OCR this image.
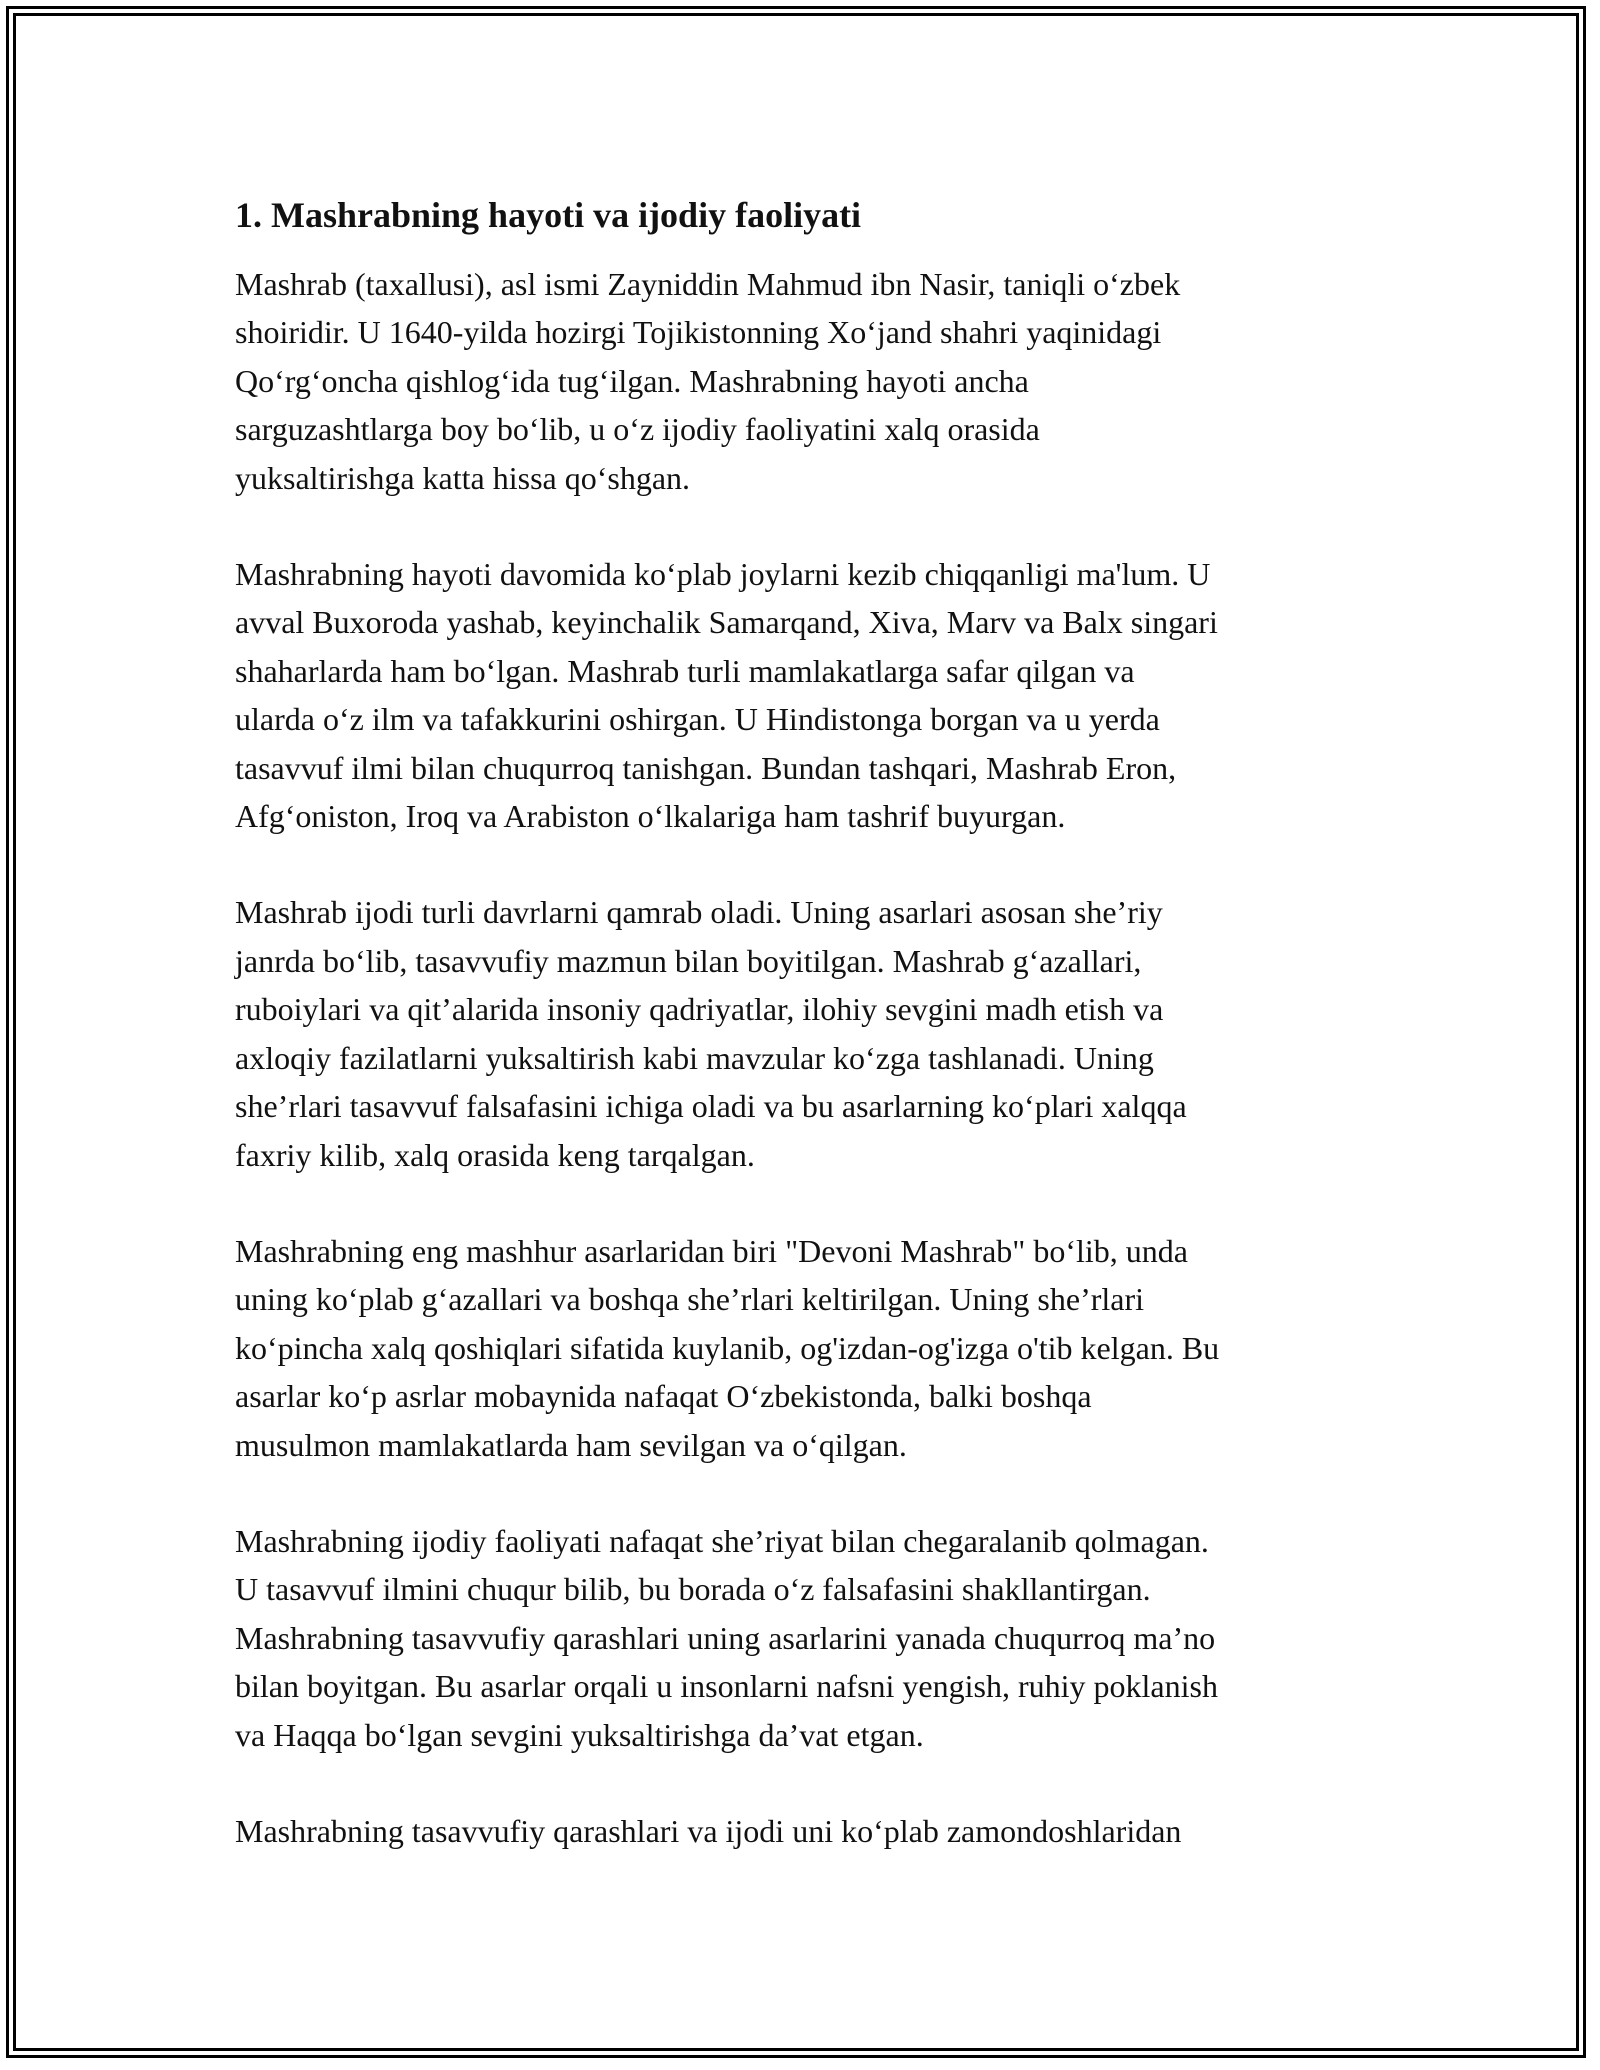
1. Mashrabning hayoti va ijodiy faoliyati

Mashrab (taxallusi), asl ismi Zayniddin Mahmud ibn Nasir, taniqli o‘zbek
shoiridir. U 1640-yilda hozirgi Tojikistonning Xo‘jand shahri yaqinidagi
Qo‘rg‘oncha qishlog‘ida tug‘ilgan. Mashrabning hayoti ancha
sarguzashtlarga boy bo‘lib, u o‘z ijodiy faoliyatini xalq orasida
yuksaltirishga katta hissa qo‘shgan.

Mashrabning hayoti davomida ko‘plab joylarni kezib chiqqanligi ma'lum. U
avval Buxoroda yashab, keyinchalik Samarqand, Xiva, Marv va Balx singari
shaharlarda ham bo‘lgan. Mashrab turli mamlakatlarga safar qilgan va
ularda o‘z ilm va tafakkurini oshirgan. U Hindistonga borgan va u yerda
tasavvuf ilmi bilan chuqurroq tanishgan. Bundan tashqari, Mashrab Eron,
Afg‘oniston, Iroq va Arabiston o‘lkalariga ham tashrif buyurgan.

Mashrab ijodi turli davrlarni qamrab oladi. Uning asarlari asosan she’riy
janrda bo‘lib, tasavvufiy mazmun bilan boyitilgan. Mashrab g‘azallari,
ruboiylari va qit’alarida insoniy qadriyatlar, ilohiy sevgini madh etish va
axloqiy fazilatlarni yuksaltirish kabi mavzular ko‘zga tashlanadi. Uning
she’rlari tasavvuf falsafasini ichiga oladi va bu asarlarning ko‘plari xalqqa
faxriy kilib, xalq orasida keng tarqalgan.

Mashrabning eng mashhur asarlaridan biri "Devoni Mashrab" bo‘lib, unda
uning ko‘plab g‘azallari va boshqa she’rlari keltirilgan. Uning she’rlari
ko‘pincha xalq qoshiqlari sifatida kuylanib, og'izdan-og'izga o'tib kelgan. Bu
asarlar ko‘p asrlar mobaynida nafaqat O‘zbekistonda, balki boshqa
musulmon mamlakatlarda ham sevilgan va o‘qilgan.

Mashrabning ijodiy faoliyati nafaqat she’riyat bilan chegaralanib qolmagan.
U tasavvuf ilmini chuqur bilib, bu borada o‘z falsafasini shakllantirgan.
Mashrabning tasavvufiy qarashlari uning asarlarini yanada chuqurroq ma’no
bilan boyitgan. Bu asarlar orqali u insonlarni nafsni yengish, ruhiy poklanish
va Haqqa bo‘lgan sevgini yuksaltirishga da’vat etgan.

Mashrabning tasavvufiy qarashlari va ijodi uni ko‘plab zamondoshlaridan
